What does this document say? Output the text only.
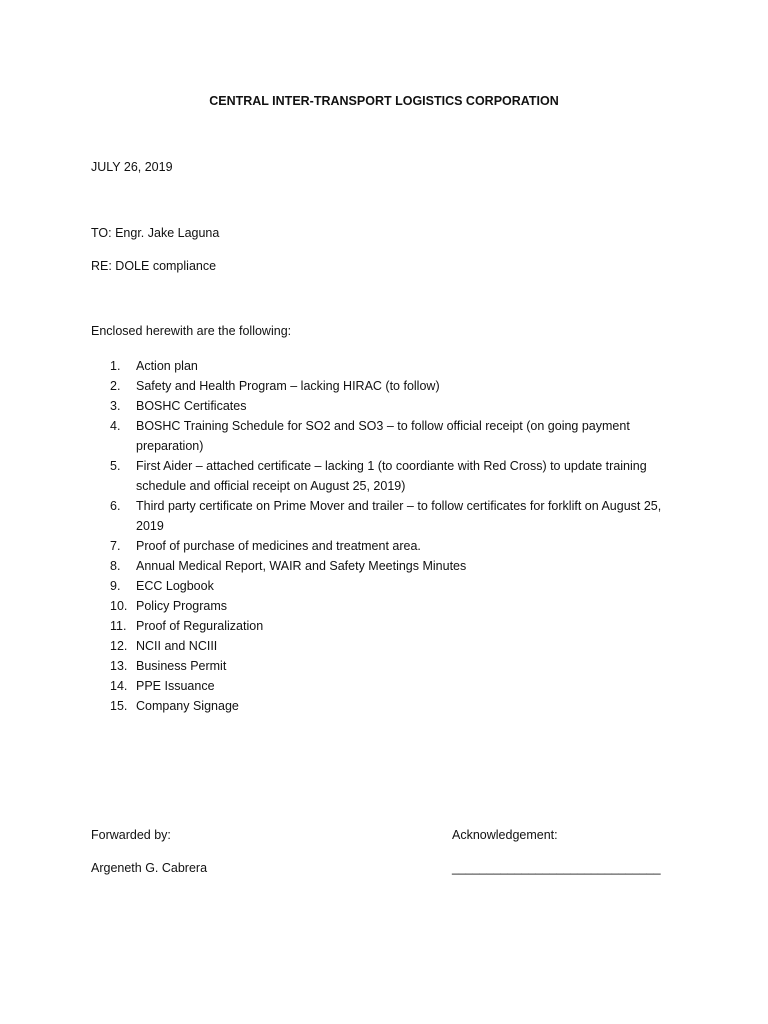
CENTRAL INTER-TRANSPORT LOGISTICS CORPORATION
JULY 26, 2019
TO: Engr. Jake Laguna
RE: DOLE compliance
Enclosed herewith are the following:
1. Action plan
2. Safety and Health Program – lacking HIRAC (to follow)
3. BOSHC Certificates
4. BOSHC Training Schedule for SO2 and SO3 – to follow official receipt (on going payment preparation)
5. First Aider – attached certificate – lacking 1 (to coordiante with Red Cross) to update training schedule and official receipt on August 25, 2019)
6. Third party certificate on Prime Mover and trailer – to follow certificates for forklift on August 25, 2019
7. Proof of purchase of medicines and treatment area.
8. Annual Medical Report, WAIR and Safety Meetings Minutes
9. ECC Logbook
10. Policy Programs
11. Proof of Reguralization
12. NCII and NCIII
13. Business Permit
14. PPE Issuance
15. Company Signage
Forwarded by:
Argeneth G. Cabrera
Acknowledgement:
______________________________
